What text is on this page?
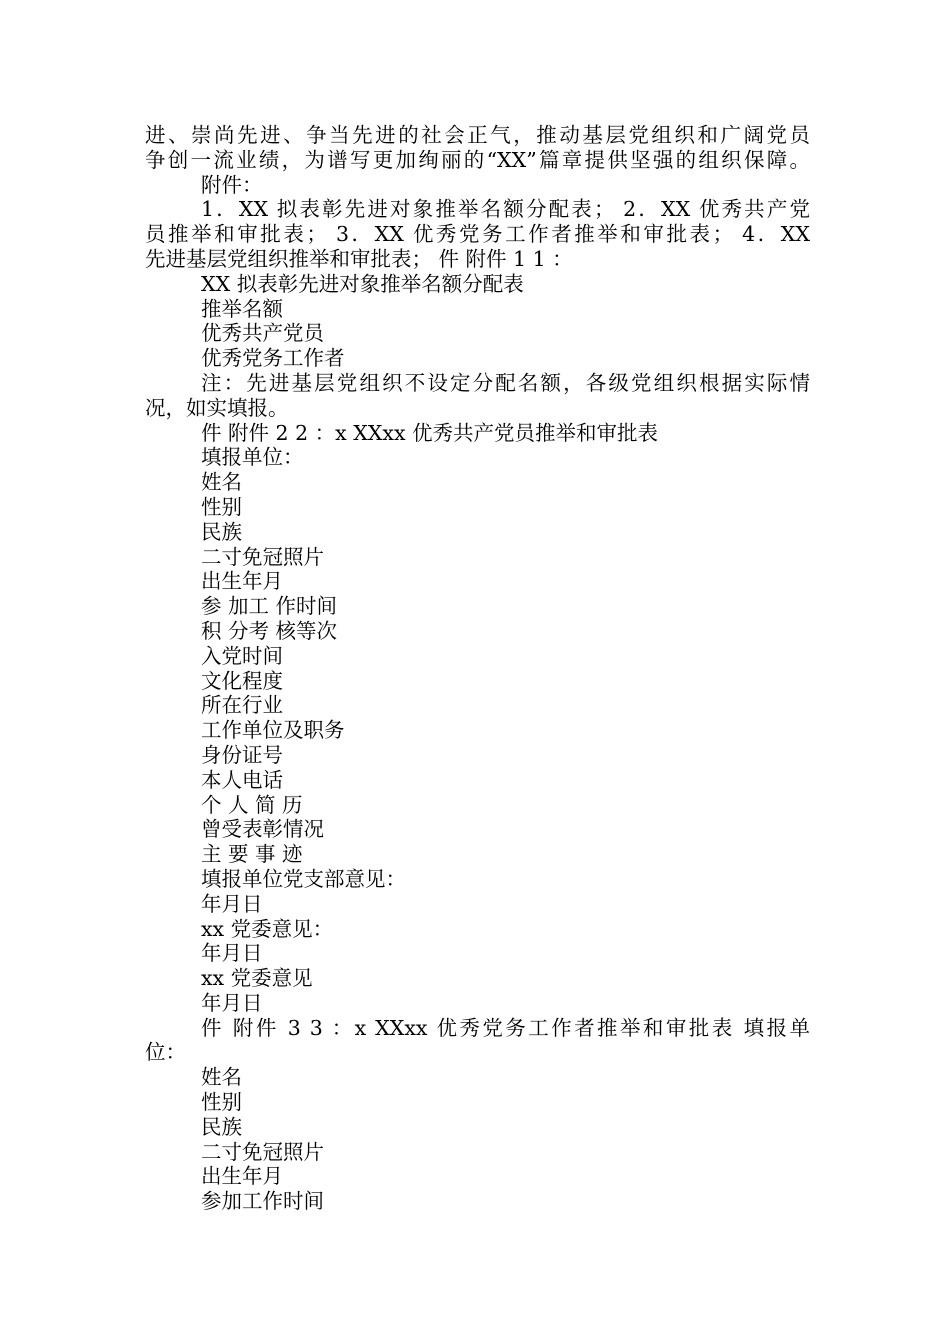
进、崇尚先进、争当先进的社会正气，推动基层党组织和广阔党员
争创一流业绩，为谱写更加绚丽的“XX”篇章提供坚强的组织保障。
附件：
1．XX 拟表彰先进对象推举名额分配表； 2．XX 优秀共产党
员推举和审批表； 3．XX 优秀党务工作者推举和审批表； 4．XX
先进基层党组织推举和审批表； 件 附件 1 1 ：
XX 拟表彰先进对象推举名额分配表
推举名额
优秀共产党员
优秀党务工作者
注：先进基层党组织不设定分配名额，各级党组织根据实际情
况，如实填报。
件 附件 2 2 ：x XXxx 优秀共产党员推举和审批表
填报单位：
姓名
性别
民族
二寸免冠照片
出生年月
参 加工 作时间
积 分考 核等次
入党时间
文化程度
所在行业
工作单位及职务
身份证号
本人电话
个 人 简 历
曾受表彰情况
主 要 事 迹
填报单位党支部意见：
年月日
xx 党委意见：
年月日
xx 党委意见
年月日
件 附件 3 3 ：x XXxx 优秀党务工作者推举和审批表 填报单
位：
姓名
性别
民族
二寸免冠照片
出生年月
参加工作时间
